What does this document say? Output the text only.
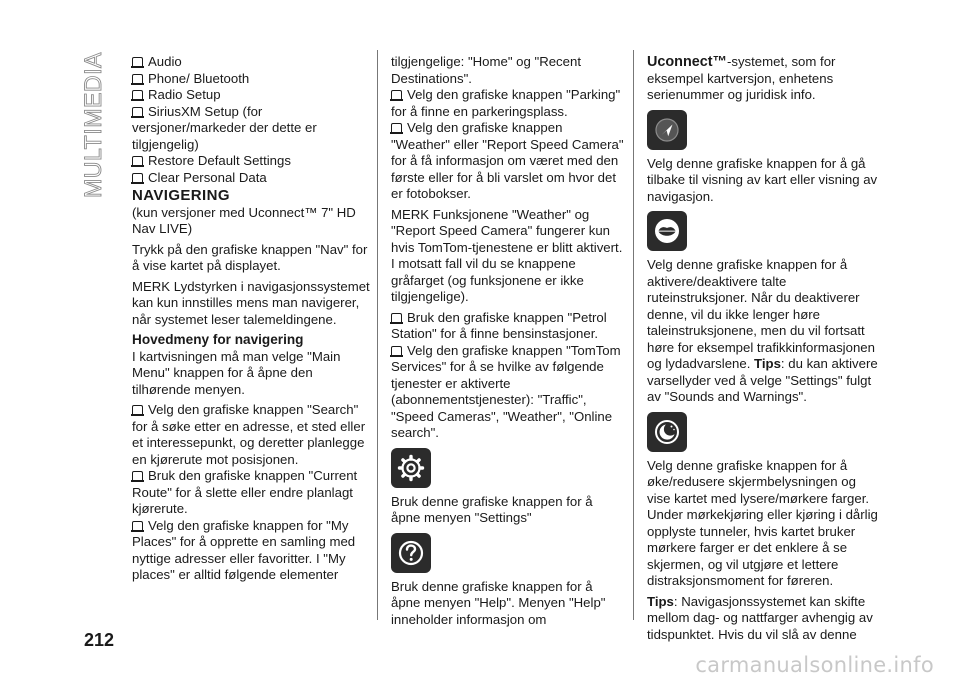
MULTIMEDIA
212

Audio

Phone/ Bluetooth

Radio Setup

SiriusXM Setup (for versjoner/markeder der dette er tilgjengelig)

Restore Default Settings

Clear Personal Data

NAVIGERING

(kun versjoner med Uconnect™ 7" HD Nav LIVE)

Trykk på den grafiske knappen "Nav" for å vise kartet på displayet.

MERK Lydstyrken i navigasjonssystemet kan kun innstilles mens man navigerer, når systemet leser talemeldingene.

Hovedmeny for navigering

I kartvisningen må man velge "Main Menu" knappen for å åpne den tilhørende menyen.

Velg den grafiske knappen "Search" for å søke etter en adresse, et sted eller et interessepunkt, og deretter planlegge en kjørerute mot posisjonen.

Bruk den grafiske knappen "Current Route" for å slette eller endre planlagt kjørerute.

Velg den grafiske knappen for "My Places" for å opprette en samling med nyttige adresser eller favoritter. I "My places" er alltid følgende elementer

tilgjengelige: "Home" og "Recent Destinations".

Velg den grafiske knappen "Parking" for å finne en parkeringsplass.

Velg den grafiske knappen "Weather" eller "Report Speed Camera" for å få informasjon om været med den første eller for å bli varslet om hvor det er fotobokser.

MERK Funksjonene "Weather" og "Report Speed Camera" fungerer kun hvis TomTom-tjenestene er blitt aktivert. I motsatt fall vil du se knappene gråfarget (og funksjonene er ikke tilgjengelige).

Bruk den grafiske knappen "Petrol Station" for å finne bensinstasjoner.

Velg den grafiske knappen "TomTom Services" for å se hvilke av følgende tjenester er aktiverte (abonnementstjenester): "Traffic", "Speed Cameras", "Weather", "Online search".

Bruk denne grafiske knappen for å åpne menyen "Settings"

Bruk denne grafiske knappen for å åpne menyen "Help". Menyen "Help" inneholder informasjon om

Uconnect™-systemet, som for eksempel kartversjon, enhetens serienummer og juridisk info.

Velg denne grafiske knappen for å gå tilbake til visning av kart eller visning av navigasjon.

Velg denne grafiske knappen for å aktivere/deaktivere talte ruteinstruksjoner. Når du deaktiverer denne, vil du ikke lenger høre taleinstruksjonene, men du vil fortsatt høre for eksempel trafikkinformasjonen og lydadvarslene. Tips: du kan aktivere varsellyder ved å velge "Settings" fulgt av "Sounds and Warnings".

Velg denne grafiske knappen for å øke/redusere skjermbelysningen og vise kartet med lysere/mørkere farger. Under mørkekjøring eller kjøring i dårlig opplyste tunneler, hvis kartet bruker mørkere farger er det enklere å se skjermen, og vil utgjøre et lettere distraksjonsmoment for føreren.

Tips: Navigasjonssystemet kan skifte mellom dag- og nattfarger avhengig av tidspunktet. Hvis du vil slå av denne

carmanualsonline.info
